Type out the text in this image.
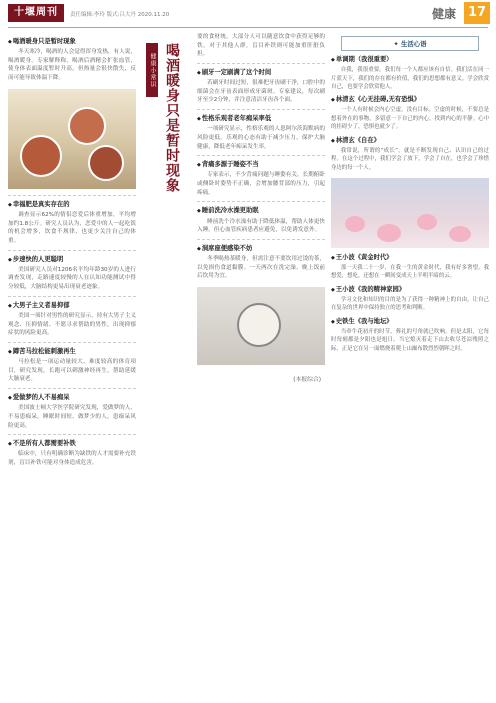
十堰周刊	责任编辑:李玲 版式:吕大丹 2020.11.20	健康 17
◆ 喝酒暖身只是暂时现象

冬天寒冷，喝酒的人会觉得浑身发热，有人说，喝酒暖身。专家解释称，喝酒后酒精会扩张血管，使身体表面温度暂时升高，但热量会很快散失，反而可能导致体温下降。

◆ 幸福肥是真实存在的

调查显示62%的情侣恋爱后体重增加，平均增加约1.8公斤。研究人员认为，恋爱中的人一起吃饭的机会增多，饮食不规律，也更少关注自己的体重。

◆ 步速快的人更聪明

美国研究人员对1206名平均年龄30岁的人进行调查发现，走路速度较慢的人在认知功能测试中得分较低，大脑结构更易出现衰老迹象。

◆ 大男子主义者易抑郁

美国一项针对男性的研究显示，持有大男子主义观念、压抑情绪、不愿寻求帮助的男性，出现抑郁症状的风险更高。

◆ 蹲苦马拉松能刺激再生

马拉松是一项运动量较大、难度较高的体育项目，研究发现，长跑可以刺激神经再生，帮助延缓大脑衰老。

◆ 爱做梦的人不易痴呆

美国波士顿大学医学院研究发现，爱做梦的人，不易患痴呆。睡眠时间短、做梦少的人，患痴呆风险更高。

◆ 不是所有人都需要补铁

临床中，只有明确诊断为缺铁的人才需要补充铁剂，盲目补铁可能对身体造成危害。

健康小常识 喝酒暖身只是暂时现象

要的食材统，大部分人可以随意饮食中获得足够的铁。对于其他人群，盲目补铁则可能加重肝脏负担。

◆ 刷牙一定刷满了这个时间

若刷牙时间过短，很难把牙齿刷干净，口腔中的细菌会在牙齿表面形成牙菌斑。专家建议，每次刷牙至少2分钟，并注意清洁牙齿各个面。

◆ 性格乐观者老年痴呆率低

一项研究显示，性格乐观的人患阿尔茨海默病的风险更低。乐观的心态有助于减少压力，保护大脑健康，降低老年痴呆发生率。

◆ 背痛多源于睡姿不当

专家表示，不少背痛问题与睡姿有关。长期俯卧或侧卧时姿势不正确，会增加腰背部的压力，引起疼痛。

◆ 睡前洗冷水澡更助眠

睡前洗个冷水澡有助于降低体温，帮助人体更快入睡。但心血管疾病患者应避免，以免诱发意外。

◆ 洞席座便感染不妨

冬季喝热茶暖身，但需注意不要饮用过烫的茶，以免损伤食道黏膜。一天两次在洗完澡、晚上饭前后饮用为宜。

(本报综合)
✦ 生活心语
◆ 单调期（我很重要）

自我，我很重要。我们每一个人都应该有自信。我们活在同一片蓝天下，我们的存在都有价值，我们的思想都有意义。学会欣赏自己，也要学会欣赏他人。

◆ 林清玄《心无挂碍,无有恐惧》

一个人有时候会内心空虚，没有目标。空虚的时候，不要总是想着外在的事物，多留意一下自己的内心，找到内心的平静。心中的挂碍少了，恐惧也就少了。

◆ 林清玄《自在》

我常说，所谓的“成长”，就是不断发现自己、认识自己的过程。在这个过程中，我们学会了放下，学会了自在，也学会了珍惜身边的每一个人。

◆ 王小波《黄金时代》

那一天我二十一岁，在我一生的黄金时代，我有好多奢望。我想爱，想吃，还想在一瞬间变成天上半明半暗的云。

◆ 王小波《我的精神家园》

学习文化和知识的目的是为了获得一种精神上的自由，让自己在复杂的世界中保持独立的思考和判断。

◆ 史铁生《我与地坛》

当牵牛花初开的时节，葬礼的号角就已吹响。但是太阳，它每时每刻都是夕阳也是旭日。当它熄灭着走下山去收尽苍凉残照之际，正是它在另一面燃烧着爬上山巅布散烈烈朝晖之时。
